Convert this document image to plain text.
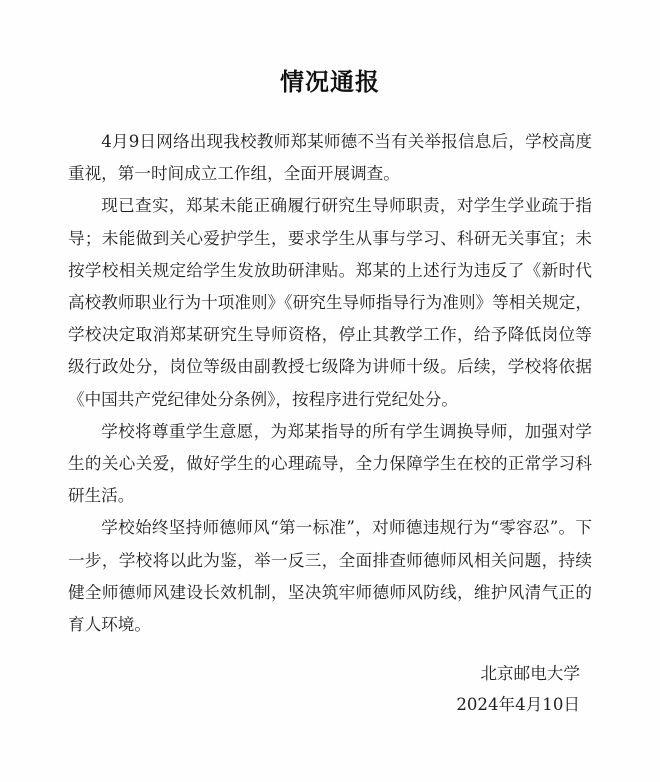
情况通报

4月9日网络出现我校教师郑某师德不当有关举报信息后，学校高度重视，第一时间成立工作组，全面开展调查。

现已查实，郑某未能正确履行研究生导师职责，对学生学业疏于指导；未能做到关心爱护学生，要求学生从事与学习、科研无关事宜；未按学校相关规定给学生发放助研津贴。郑某的上述行为违反了《新时代高校教师职业行为十项准则》《研究生导师指导行为准则》等相关规定，学校决定取消郑某研究生导师资格，停止其教学工作，给予降低岗位等级行政处分，岗位等级由副教授七级降为讲师十级。后续，学校将依据《中国共产党纪律处分条例》，按程序进行党纪处分。

学校将尊重学生意愿，为郑某指导的所有学生调换导师，加强对学生的关心关爱，做好学生的心理疏导，全力保障学生在校的正常学习科研生活。

学校始终坚持师德师风“第一标准”，对师德违规行为“零容忍”。下一步，学校将以此为鉴，举一反三，全面排查师德师风相关问题，持续健全师德师风建设长效机制，坚决筑牢师德师风防线，维护风清气正的育人环境。

北京邮电大学
2024年4月10日
